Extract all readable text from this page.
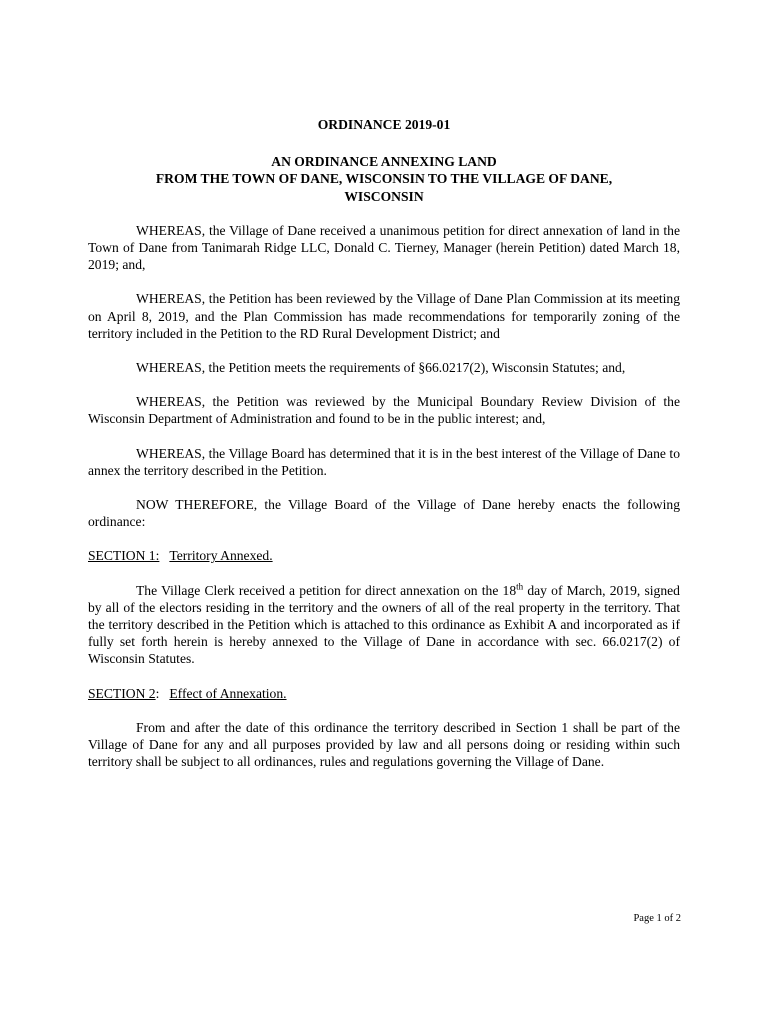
ORDINANCE 2019-01
AN ORDINANCE ANNEXING LAND
FROM THE TOWN OF DANE, WISCONSIN TO THE VILLAGE OF DANE,
WISCONSIN

WHEREAS, the Village of Dane received a unanimous petition for direct annexation of land in the Town of Dane from Tanimarah Ridge LLC, Donald C. Tierney, Manager (herein Petition) dated March 18, 2019; and,

WHEREAS, the Petition has been reviewed by the Village of Dane Plan Commission at its meeting on April 8, 2019, and the Plan Commission has made recommendations for temporarily zoning of the territory included in the Petition to the RD Rural Development District; and

WHEREAS, the Petition meets the requirements of §66.0217(2), Wisconsin Statutes; and,

WHEREAS, the Petition was reviewed by the Municipal Boundary Review Division of the Wisconsin Department of Administration and found to be in the public interest; and,

WHEREAS, the Village Board has determined that it is in the best interest of the Village of Dane to annex the territory described in the Petition.

NOW THEREFORE, the Village Board of the Village of Dane hereby enacts the following ordinance:

SECTION 1: Territory Annexed.

The Village Clerk received a petition for direct annexation on the 18th day of March, 2019, signed by all of the electors residing in the territory and the owners of all of the real property in the territory. That the territory described in the Petition which is attached to this ordinance as Exhibit A and incorporated as if fully set forth herein is hereby annexed to the Village of Dane in accordance with sec. 66.0217(2) of Wisconsin Statutes.

SECTION 2: Effect of Annexation.

From and after the date of this ordinance the territory described in Section 1 shall be part of the Village of Dane for any and all purposes provided by law and all persons doing or residing within such territory shall be subject to all ordinances, rules and regulations governing the Village of Dane.

Page 1 of 2
